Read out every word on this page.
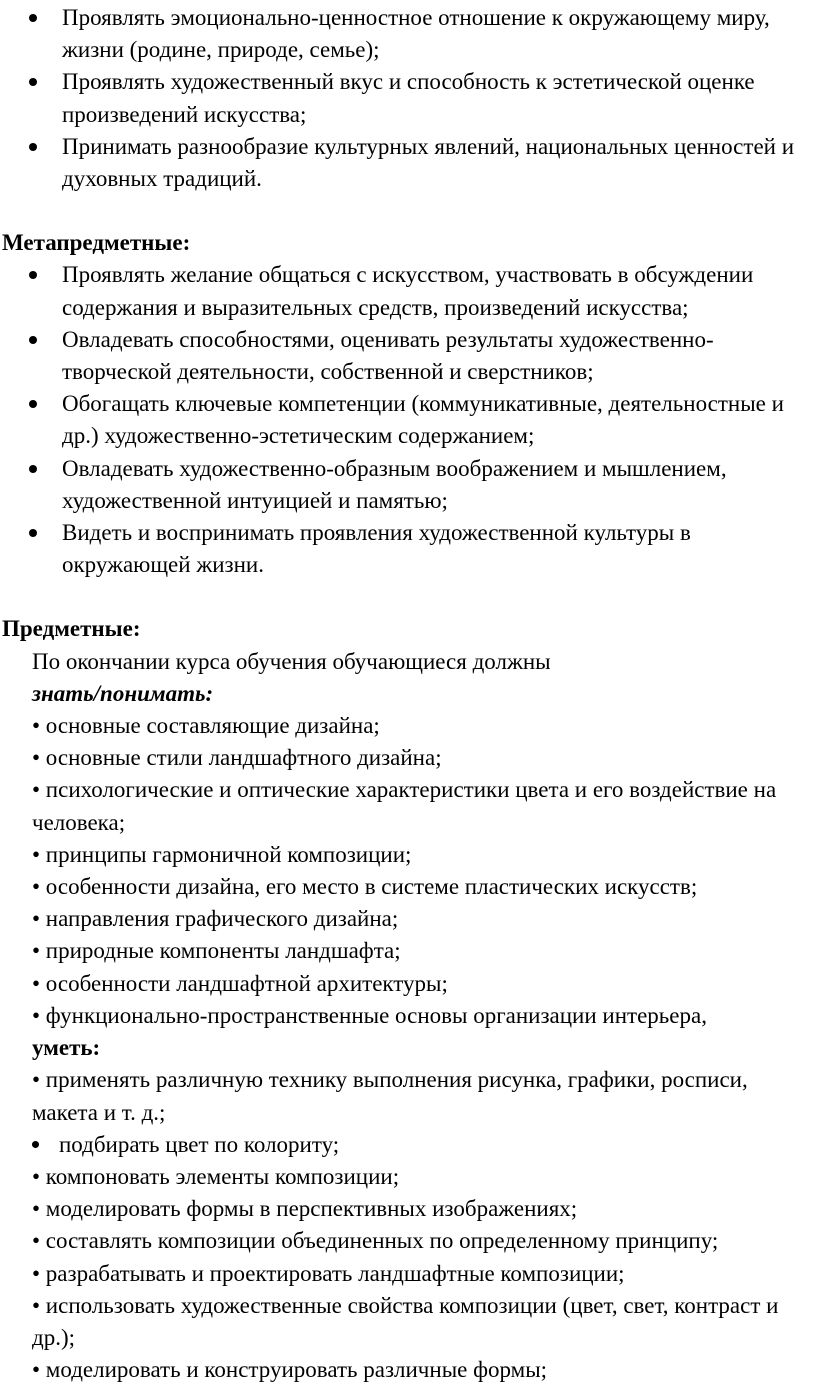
Проявлять эмоционально-ценностное отношение к окружающему миру, жизни (родине, природе, семье);
Проявлять художественный вкус и способность к эстетической оценке произведений искусства;
Принимать разнообразие культурных явлений, национальных ценностей и духовных традиций.
Метапредметные:
Проявлять желание общаться с искусством, участвовать в обсуждении содержания и выразительных средств, произведений искусства;
Овладевать способностями, оценивать результаты художественно-творческой деятельности, собственной и сверстников;
Обогащать ключевые компетенции (коммуникативные, деятельностные и др.) художественно-эстетическим содержанием;
Овладевать художественно-образным воображением и мышлением, художественной интуицией и памятью;
Видеть и воспринимать проявления художественной культуры в окружающей жизни.
Предметные:
По окончании курса обучения обучающиеся должны
знать/понимать:
• основные составляющие дизайна;
• основные стили ландшафтного дизайна;
• психологические и оптические характеристики цвета и его воздействие на человека;
• принципы гармоничной композиции;
• особенности дизайна, его место в системе пластических искусств;
• направления графического дизайна;
• природные компоненты ландшафта;
• особенности ландшафтной архитектуры;
• функционально-пространственные основы организации интерьера,
уметь:
• применять различную технику выполнения рисунка, графики, росписи, макета и т. д.;
подбирать цвет по колориту;
• компоновать элементы композиции;
• моделировать формы в перспективных изображениях;
• составлять композиции объединенных по определенному принципу;
• разрабатывать и проектировать ландшафтные композиции;
• использовать художественные свойства композиции (цвет, свет, контраст и др.);
• моделировать и конструировать различные формы;
